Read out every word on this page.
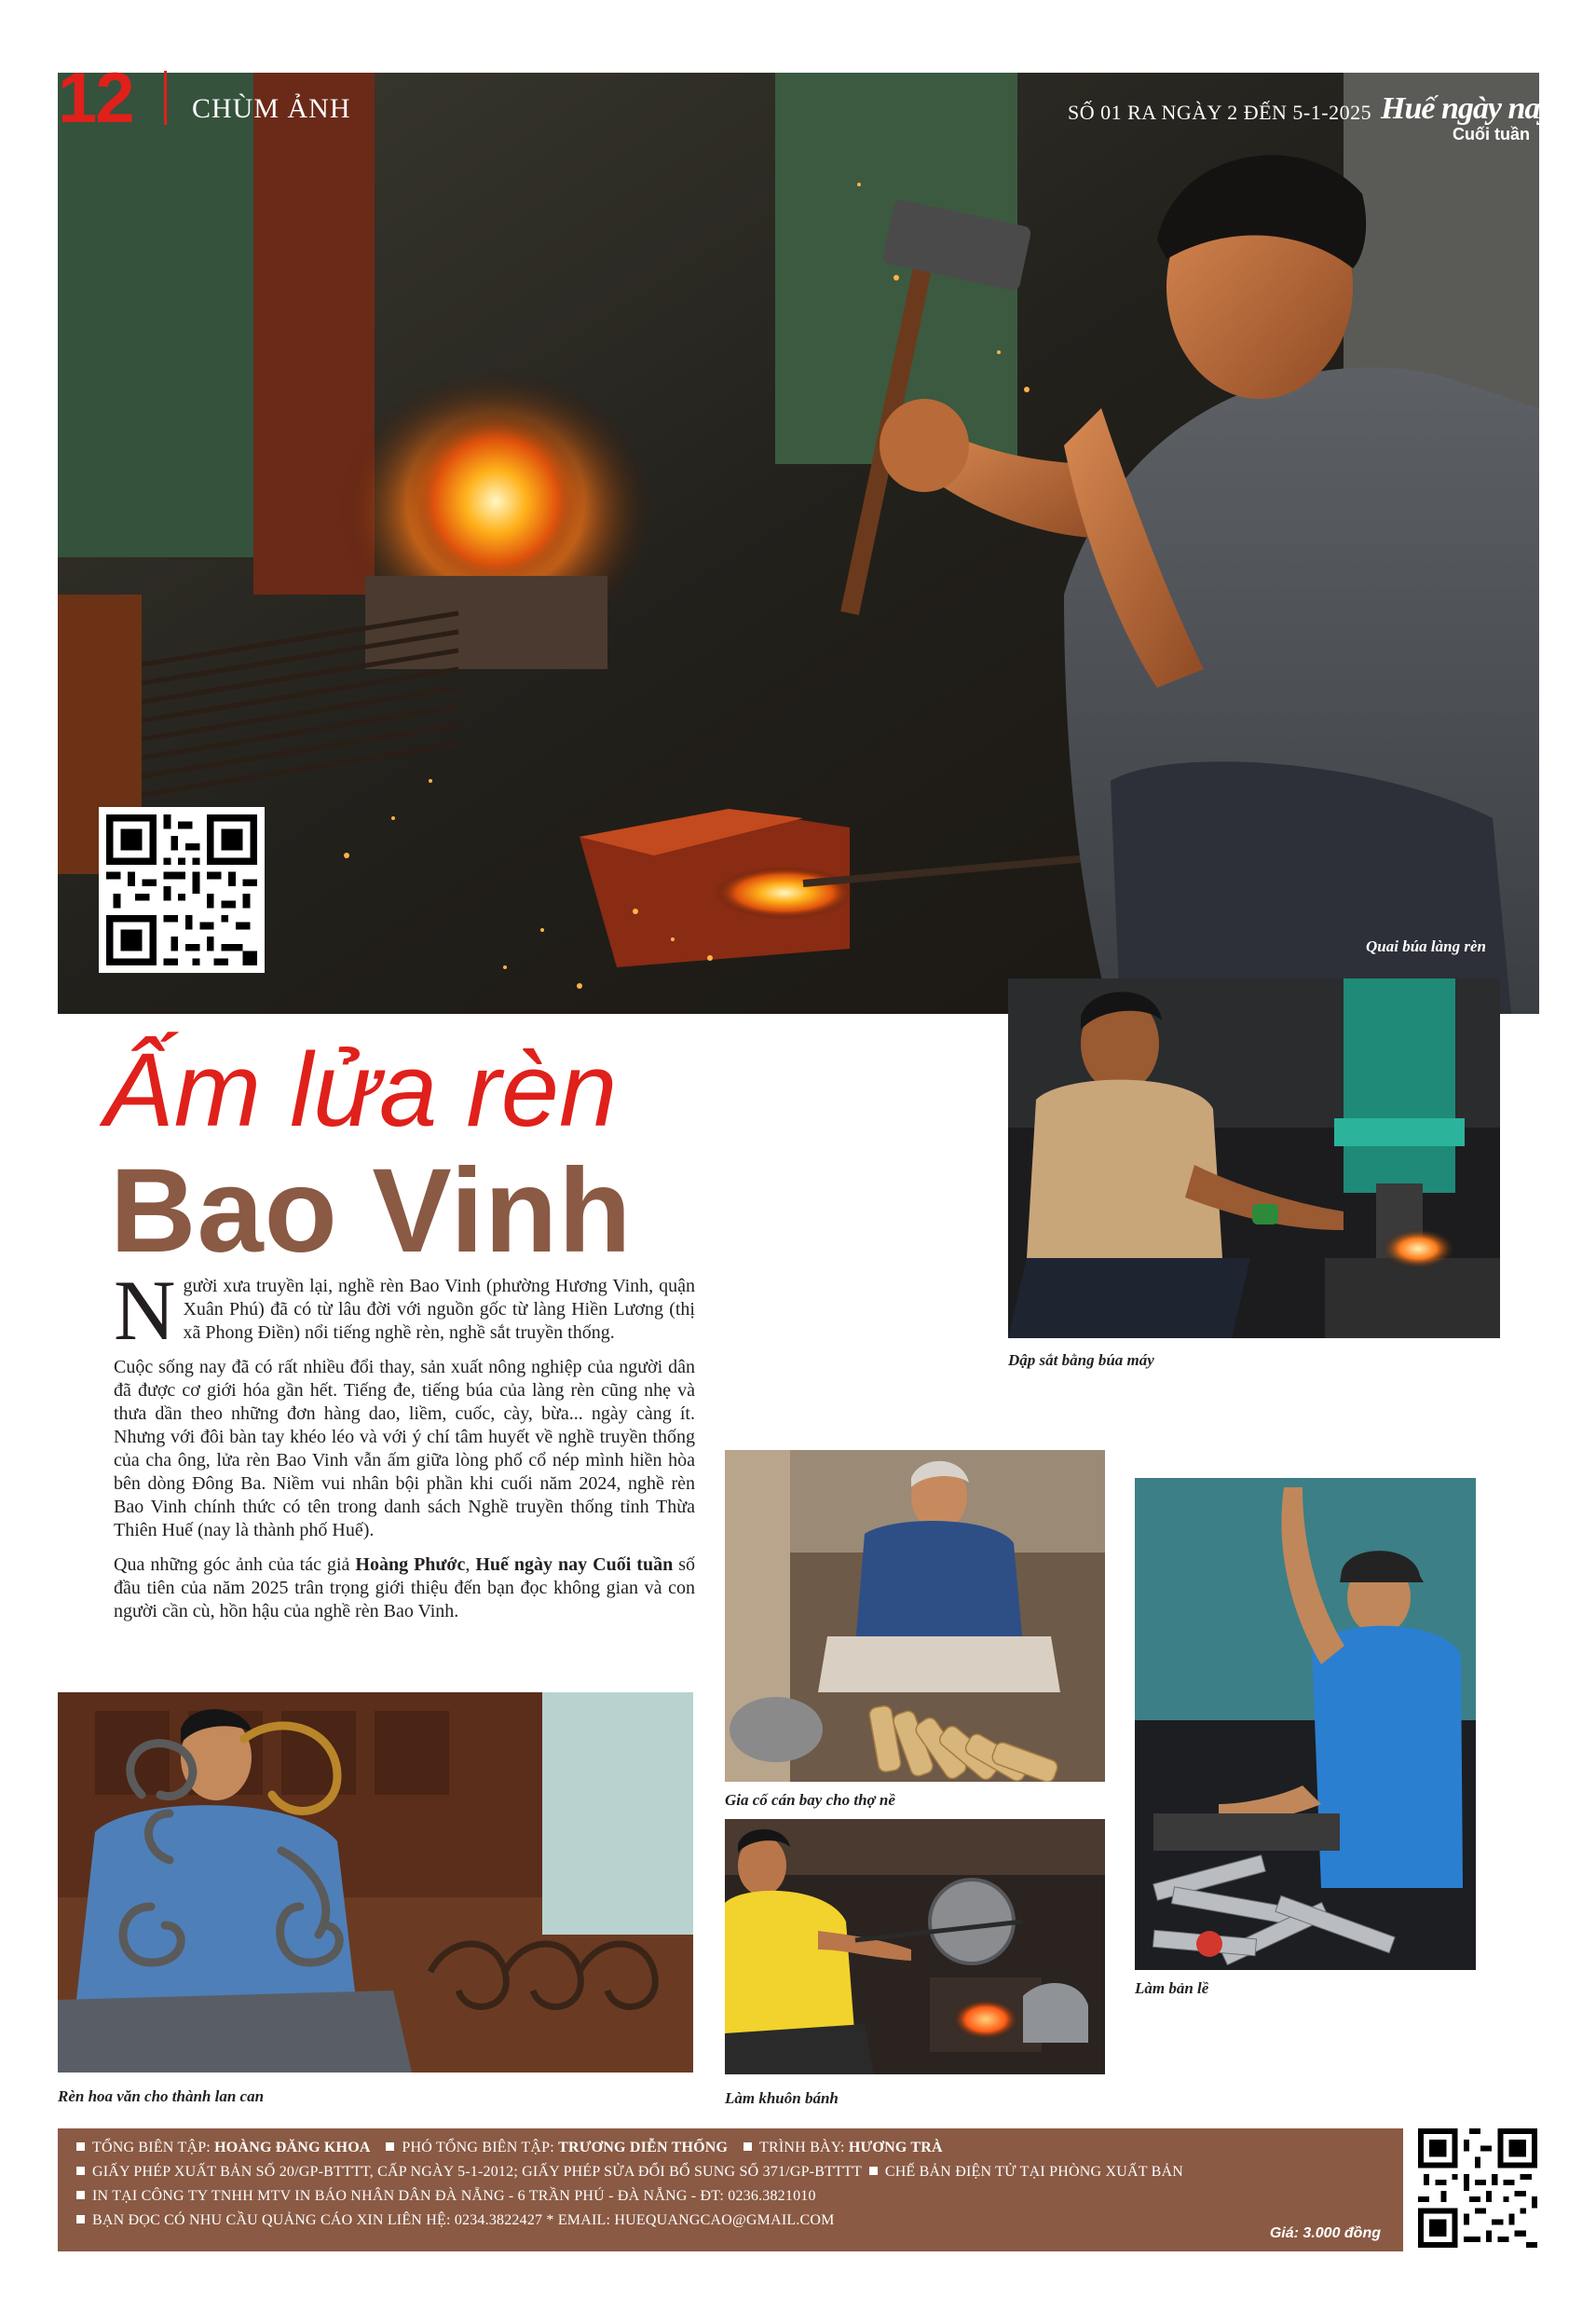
Quai búa làng rèn
12 CHÙM ẢNH	SỐ 01 RA NGÀY 2 ĐẾN 5-1-2025 Huế ngày nay
Cuối tuần
Ấm lửa rèn
Bao Vinh

Người xưa truyền lại, nghề rèn Bao Vinh (phường Hương Vinh, quận Xuân Phú) đã có từ lâu đời với nguồn gốc từ làng Hiền Lương (thị xã Phong Điền) nổi tiếng nghề rèn, nghề sắt truyền thống.

Cuộc sống nay đã có rất nhiều đổi thay, sản xuất nông nghiệp của người dân đã được cơ giới hóa gần hết. Tiếng đe, tiếng búa của làng rèn cũng nhẹ và thưa dần theo những đơn hàng dao, liềm, cuốc, cày, bừa... ngày càng ít. Nhưng với đôi bàn tay khéo léo và với ý chí tâm huyết về nghề truyền thống của cha ông, lửa rèn Bao Vinh vẫn ấm giữa lòng phố cổ nép mình hiền hòa bên dòng Đông Ba. Niềm vui nhân bội phần khi cuối năm 2024, nghề rèn Bao Vinh chính thức có tên trong danh sách Nghề truyền thống tỉnh Thừa Thiên Huế (nay là thành phố Huế).

Qua những góc ảnh của tác giả Hoàng Phước, Huế ngày nay Cuối tuần số đầu tiên của năm 2025 trân trọng giới thiệu đến bạn đọc không gian và con người cần cù, hồn hậu của nghề rèn Bao Vinh.

Dập sắt bằng búa máy
Gia cố cán bay cho thợ nề
Làm bản lề
Rèn hoa văn cho thành lan can	Làm khuôn bánh
TỔNG BIÊN TẬP: HOÀNG ĐĂNG KHOA PHÓ TỔNG BIÊN TẬP: TRƯƠNG DIỄN THỐNG TRÌNH BÀY: HƯƠNG TRÀ
GIẤY PHÉP XUẤT BẢN SỐ 20/GP-BTTTT, CẤP NGÀY 5-1-2012; GIẤY PHÉP SỬA ĐỔI BỔ SUNG SỐ 371/GP-BTTTT CHẾ BẢN ĐIỆN TỬ TẠI PHÒNG XUẤT BẢN
IN TẠI CÔNG TY TNHH MTV IN BÁO NHÂN DÂN ĐÀ NẴNG - 6 TRẦN PHÚ - ĐÀ NẴNG - ĐT: 0236.3821010
BẠN ĐỌC CÓ NHU CẦU QUẢNG CÁO XIN LIÊN HỆ: 0234.3822427 * EMAIL: HUEQUANGCAO@GMAIL.COM
Giá: 3.000 đồng
